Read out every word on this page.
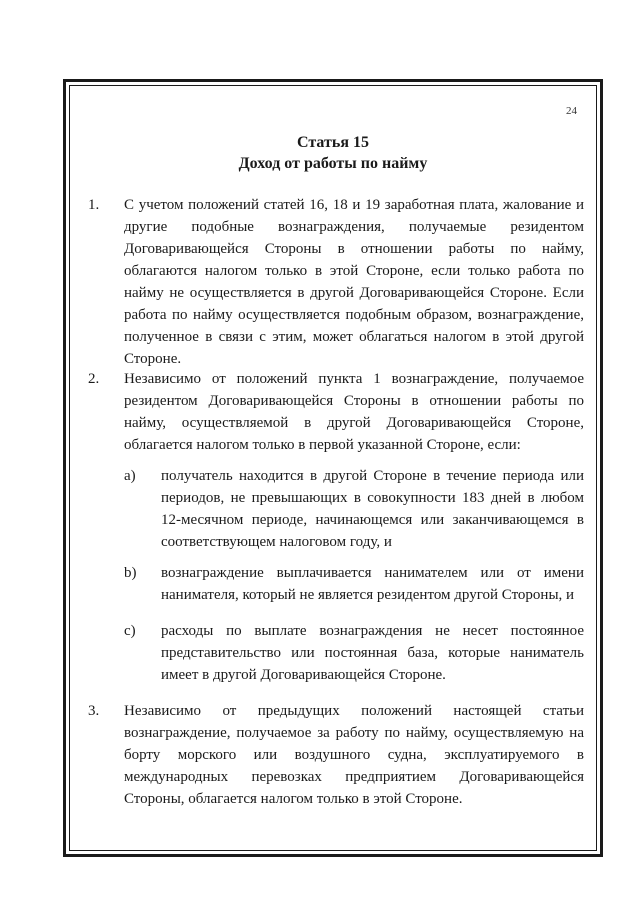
24
Статья 15
Доход от работы по найму
1. С учетом положений статей 16, 18 и 19 заработная плата, жалование и другие подобные вознаграждения, получаемые резидентом Договаривающейся Стороны в отношении работы по найму, облагаются налогом только в этой Стороне, если только работа по найму не осуществляется в другой Договаривающейся Стороне. Если работа по найму осуществляется подобным образом, вознаграждение, полученное в связи с этим, может облагаться налогом в этой другой Стороне.
2. Независимо от положений пункта 1 вознаграждение, получаемое резидентом Договаривающейся Стороны в отношении работы по найму, осуществляемой в другой Договаривающейся Стороне, облагается налогом только в первой указанной Стороне, если:
a) получатель находится в другой Стороне в течение периода или периодов, не превышающих в совокупности 183 дней в любом 12-месячном периоде, начинающемся или заканчивающемся в соответствующем налоговом году, и
b) вознаграждение выплачивается нанимателем или от имени нанимателя, который не является резидентом другой Стороны, и
c) расходы по выплате вознаграждения не несет постоянное представительство или постоянная база, которые наниматель имеет в другой Договаривающейся Стороне.
3. Независимо от предыдущих положений настоящей статьи вознаграждение, получаемое за работу по найму, осуществляемую на борту морского или воздушного судна, эксплуатируемого в международных перевозках предприятием Договаривающейся Стороны, облагается налогом только в этой Стороне.
